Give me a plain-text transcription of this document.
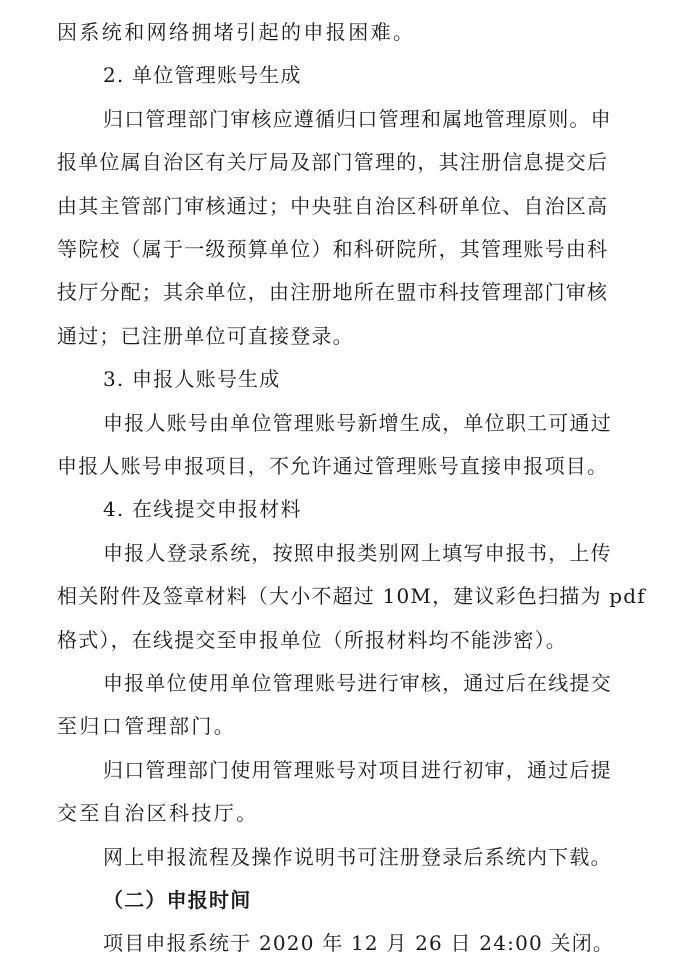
因系统和网络拥堵引起的申报困难。
2. 单位管理账号生成
归口管理部门审核应遵循归口管理和属地管理原则。申
报单位属自治区有关厅局及部门管理的，其注册信息提交后
由其主管部门审核通过；中央驻自治区科研单位、自治区高
等院校（属于一级预算单位）和科研院所，其管理账号由科
技厅分配；其余单位，由注册地所在盟市科技管理部门审核
通过；已注册单位可直接登录。
3. 申报人账号生成
申报人账号由单位管理账号新增生成，单位职工可通过
申报人账号申报项目，不允许通过管理账号直接申报项目。
4. 在线提交申报材料
申报人登录系统，按照申报类别网上填写申报书，上传
相关附件及签章材料（大小不超过 10M，建议彩色扫描为 pdf
格式），在线提交至申报单位（所报材料均不能涉密）。
申报单位使用单位管理账号进行审核，通过后在线提交
至归口管理部门。
归口管理部门使用管理账号对项目进行初审，通过后提
交至自治区科技厅。
网上申报流程及操作说明书可注册登录后系统内下载。
（二）申报时间
项目申报系统于 2020 年 12 月 26 日 24:00 关闭。
